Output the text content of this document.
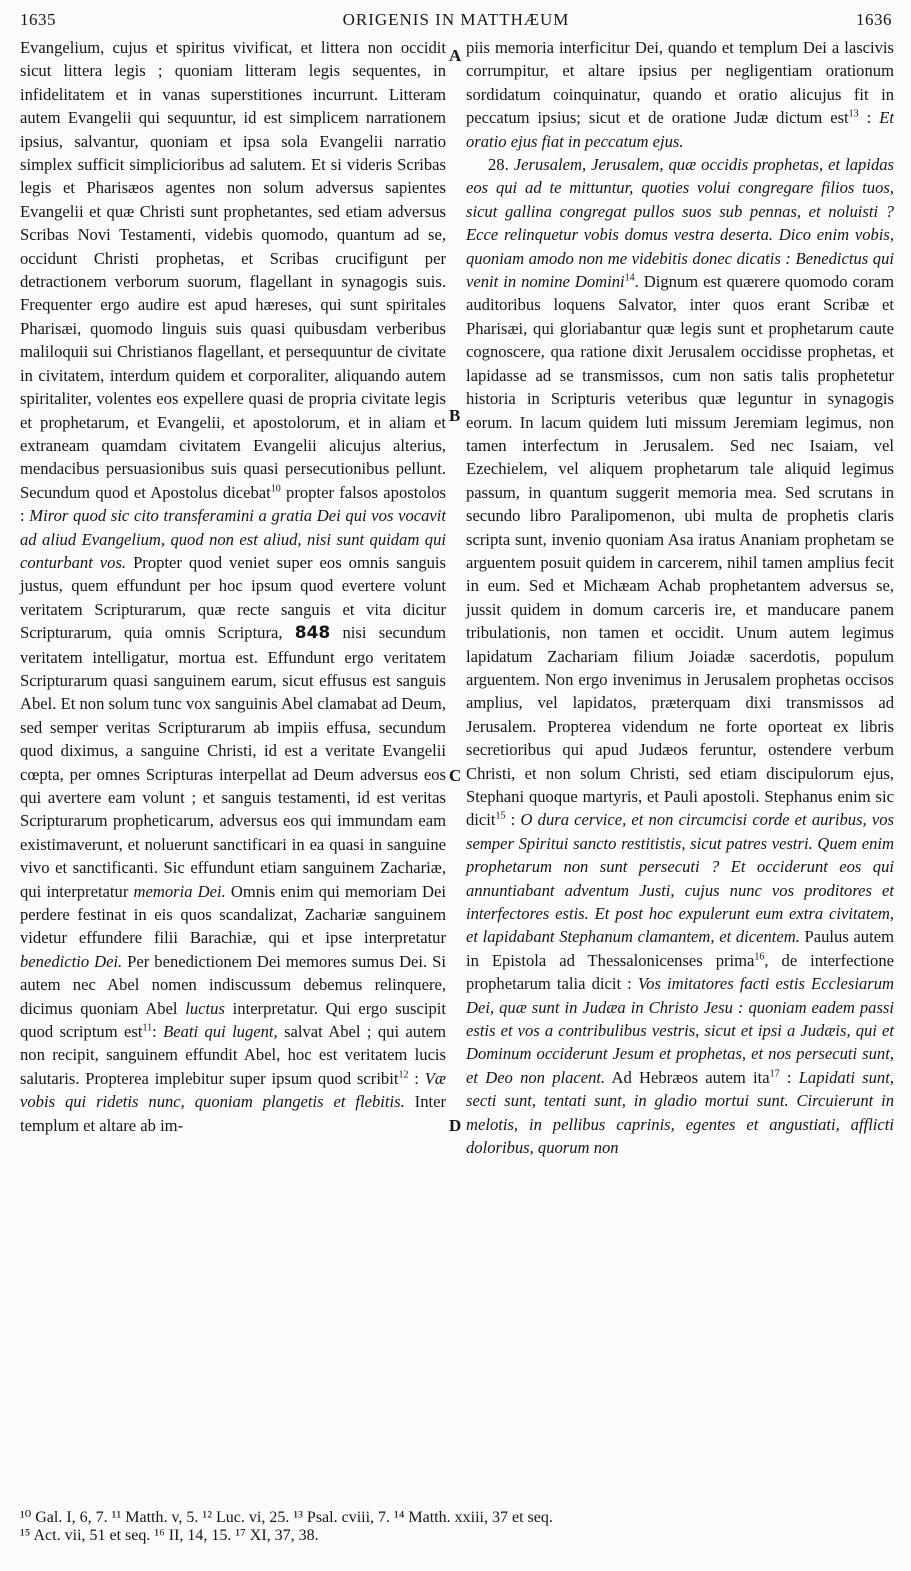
1635	ORIGENIS IN MATTHÆUM	1636
A
B
C
D

Evangelium, cujus et spiritus vivificat, et littera non occidit sicut littera legis ; quoniam litteram legis sequentes, in infidelitatem et in vanas superstitiones incurrunt. Litteram autem Evangelii qui sequuntur, id est simplicem narrationem ipsius, salvantur, quoniam et ipsa sola Evangelii narratio simplex sufficit simplicioribus ad salutem. Et si videris Scribas legis et Pharisæos agentes non solum adversus sapientes Evangelii et quæ Christi sunt prophetantes, sed etiam adversus Scribas Novi Testamenti, videbis quomodo, quantum ad se, occidunt Christi prophetas, et Scribas crucifigunt per detractionem verborum suorum, flagellant in synagogis suis. Frequenter ergo audire est apud hæreses, qui sunt spiritales Pharisæi, quomodo linguis suis quasi quibusdam verberibus maliloquii sui Christianos flagellant, et persequuntur de civitate in civitatem, interdum quidem et corporaliter, aliquando autem spiritaliter, volentes eos expellere quasi de propria civitate legis et prophetarum, et Evangelii, et apostolorum, et in aliam et extraneam quamdam civitatem Evangelii alicujus alterius, mendacibus persuasionibus suis quasi persecutionibus pellunt. Secundum quod et Apostolus dicebat$^{10}$ propter falsos apostolos : Miror quod sic cito transferamini a gratia Dei qui vos vocavit ad aliud Evangelium, quod non est aliud, nisi sunt quidam qui conturbant vos. Propter quod veniet super eos omnis sanguis justus, quem effundunt per hoc ipsum quod evertere volunt veritatem Scripturarum, quæ recte sanguis et vita dicitur Scripturarum, quia omnis Scriptura, 848 nisi secundum veritatem intelligatur, mortua est. Effundunt ergo veritatem Scripturarum quasi sanguinem earum, sicut effusus est sanguis Abel. Et non solum tunc vox sanguinis Abel clamabat ad Deum, sed semper veritas Scripturarum ab impiis effusa, secundum quod diximus, a sanguine Christi, id est a veritate Evangelii cœpta, per omnes Scripturas interpellat ad Deum adversus eos qui avertere eam volunt ; et sanguis testamenti, id est veritas Scripturarum propheticarum, adversus eos qui immundam eam existimaverunt, et noluerunt sanctificari in ea quasi in sanguine vivo et sanctificanti. Sic effundunt etiam sanguinem Zachariæ, qui interpretatur memoria Dei. Omnis enim qui memoriam Dei perdere festinat in eis quos scandalizat, Zachariæ sanguinem videtur effundere filii Barachiæ, qui et ipse interpretatur benedictio Dei. Per benedictionem Dei memores sumus Dei. Si autem nec Abel nomen indiscussum debemus relinquere, dicimus quoniam Abel luctus interpretatur. Qui ergo suscipit quod scriptum est$^{11}$: Beati qui lugent, salvat Abel ; qui autem non recipit, sanguinem effundit Abel, hoc est veritatem lucis salutaris. Propterea implebitur super ipsum quod scribit$^{12}$ : Væ vobis qui ridetis nunc, quoniam plangetis et flebitis. Inter templum et altare ab im-

piis memoria interficitur Dei, quando et templum Dei a lascivis corrumpitur, et altare ipsius per negligentiam orationum sordidatum coinquinatur, quando et oratio alicujus fit in peccatum ipsius; sicut et de oratione Judæ dictum est$^{13}$ : Et oratio ejus fiat in peccatum ejus.

28. Jerusalem, Jerusalem, quæ occidis prophetas, et lapidas eos qui ad te mittuntur, quoties volui congregare filios tuos, sicut gallina congregat pullos suos sub pennas, et noluisti ? Ecce relinquetur vobis domus vestra deserta. Dico enim vobis, quoniam amodo non me videbitis donec dicatis : Benedictus qui venit in nomine Domini$^{14}$. Dignum est quærere quomodo coram auditoribus loquens Salvator, inter quos erant Scribæ et Pharisæi, qui gloriabantur quæ legis sunt et prophetarum caute cognoscere, qua ratione dixit Jerusalem occidisse prophetas, et lapidasse ad se transmissos, cum non satis talis prophetetur historia in Scripturis veteribus quæ leguntur in synagogis eorum. In lacum quidem luti missum Jeremiam legimus, non tamen interfectum in Jerusalem. Sed nec Isaiam, vel Ezechielem, vel aliquem prophetarum tale aliquid legimus passum, in quantum suggerit memoria mea. Sed scrutans in secundo libro Paralipomenon, ubi multa de prophetis claris scripta sunt, invenio quoniam Asa iratus Ananiam prophetam se arguentem posuit quidem in carcerem, nihil tamen amplius fecit in eum. Sed et Michæam Achab prophetantem adversus se, jussit quidem in domum carceris ire, et manducare panem tribulationis, non tamen et occidit. Unum autem legimus lapidatum Zachariam filium Joiadæ sacerdotis, populum arguentem. Non ergo invenimus in Jerusalem prophetas occisos amplius, vel lapidatos, præterquam dixi transmissos ad Jerusalem. Propterea videndum ne forte oporteat ex libris secretioribus qui apud Judæos feruntur, ostendere verbum Christi, et non solum Christi, sed etiam discipulorum ejus, Stephani quoque martyris, et Pauli apostoli. Stephanus enim sic dicit$^{15}$ : O dura cervice, et non circumcisi corde et auribus, vos semper Spiritui sancto restitistis, sicut patres vestri. Quem enim prophetarum non sunt persecuti ? Et occiderunt eos qui annuntiabant adventum Justi, cujus nunc vos proditores et interfectores estis. Et post hoc expulerunt eum extra civitatem, et lapidabant Stephanum clamantem, et dicentem. Paulus autem in Epistola ad Thessalonicenses prima$^{16}$, de interfectione prophetarum talia dicit : Vos imitatores facti estis Ecclesiarum Dei, quæ sunt in Judæa in Christo Jesu : quoniam eadem passi estis et vos a contribulibus vestris, sicut et ipsi a Judæis, qui et Dominum occiderunt Jesum et prophetas, et nos persecuti sunt, et Deo non placent. Ad Hebræos autem ita$^{17}$ : Lapidati sunt, secti sunt, tentati sunt, in gladio mortui sunt. Circuierunt in melotis, in pellibus caprinis, egentes et angustiati, afflicti doloribus, quorum non

¹⁰ Gal. I, 6, 7. ¹¹ Matth. v, 5. ¹² Luc. vi, 25. ¹³ Psal. cviii, 7. ¹⁴ Matth. xxiii, 37 et seq.
¹⁵ Act. vii, 51 et seq. ¹⁶ II, 14, 15. ¹⁷ XI, 37, 38.
